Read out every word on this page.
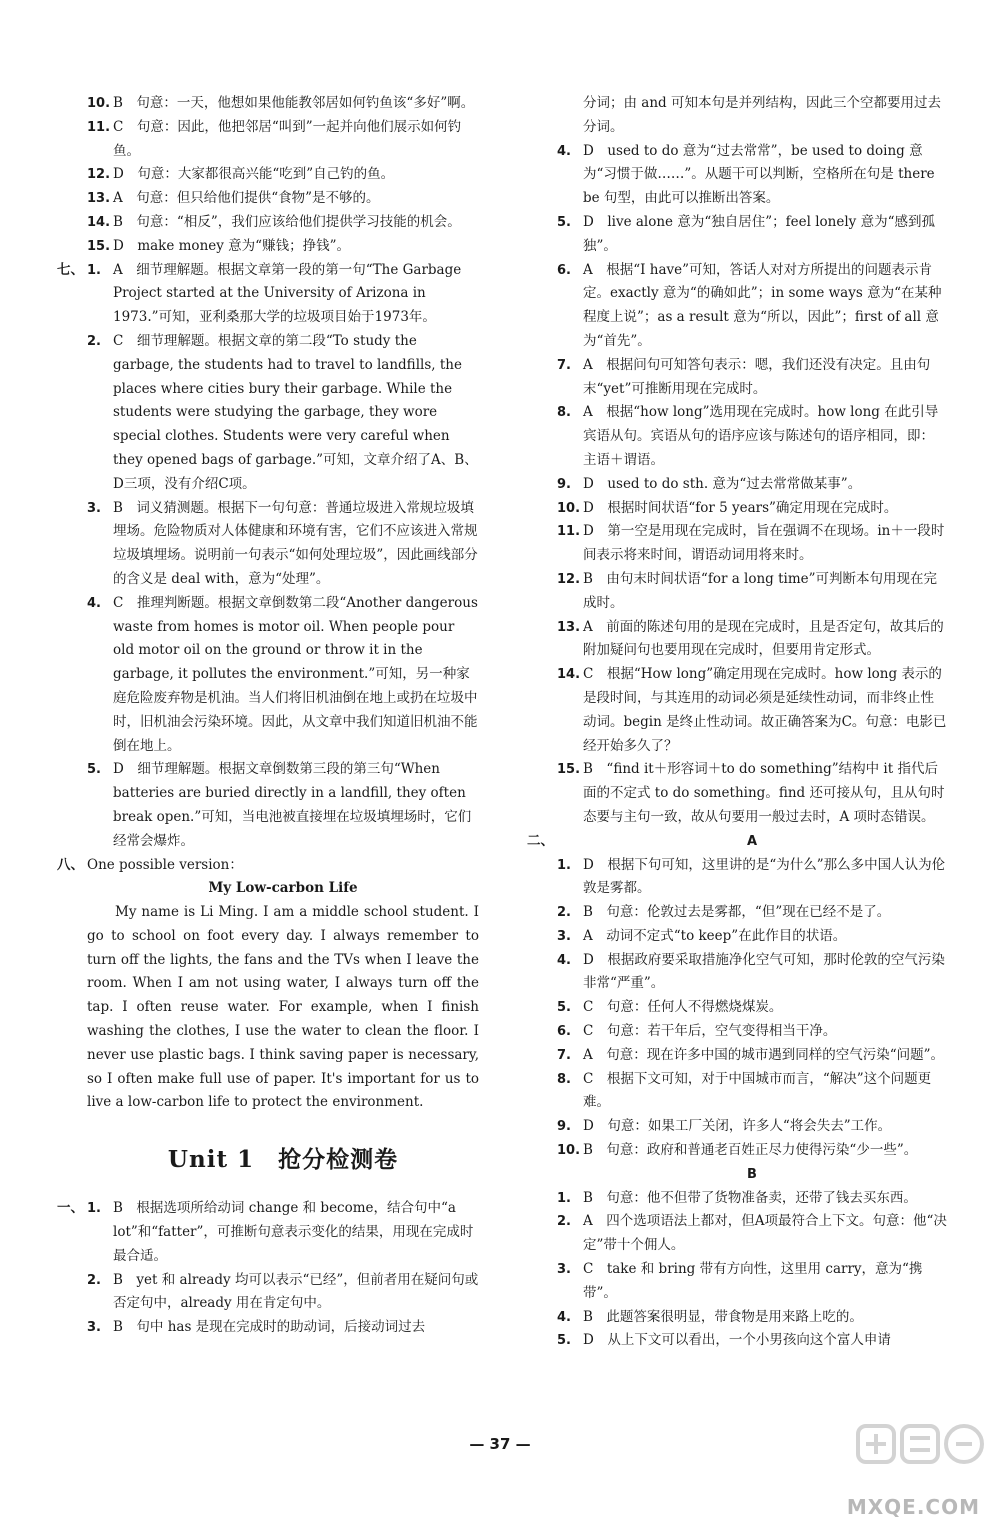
10. B　句意：一天，他想如果他能教邻居如何钓鱼该“多好”啊。

11. C　句意：因此，他把邻居“叫到”一起并向他们展示如何钓鱼。

12. D　句意：大家都很高兴能“吃到”自己钓的鱼。

13. A　句意：但只给他们提供“食物”是不够的。

14. B　句意：“相反”，我们应该给他们提供学习技能的机会。

15. D　make money 意为“赚钱；挣钱”。

七、 1. A　细节理解题。根据文章第一段的第一句“The Garbage Project started at the University of Arizona in 1973.”可知，亚利桑那大学的垃圾项目始于1973年。

2. C　细节理解题。根据文章的第二段“To study the garbage, the students had to travel to landfills, the places where cities bury their garbage. While the students were studying the garbage, they wore special clothes. Students were very careful when they opened bags of garbage.”可知，文章介绍了A、B、D三项，没有介绍C项。

3. B　词义猜测题。根据下一句句意：普通垃圾进入常规垃圾填埋场。危险物质对人体健康和环境有害，它们不应该进入常规垃圾填埋场。说明前一句表示“如何处理垃圾”，因此画线部分的含义是 deal with，意为“处理”。

4. C　推理判断题。根据文章倒数第二段“Another dangerous waste from homes is motor oil. When people pour old motor oil on the ground or throw it in the garbage, it pollutes the environment.”可知，另一种家庭危险废弃物是机油。当人们将旧机油倒在地上或扔在垃圾中时，旧机油会污染环境。因此，从文章中我们知道旧机油不能倒在地上。

5. D　细节理解题。根据文章倒数第三段的第三句“When batteries are buried directly in a landfill, they often break open.”可知，当电池被直接埋在垃圾填埋场时，它们经常会爆炸。

八、 One possible version：

My Low-carbon Life

My name is Li Ming. I am a middle school student. I go to school on foot every day. I always remember to turn off the lights, the fans and the TVs when I leave the room. When I am not using water, I always turn off the tap. I often reuse water. For example, when I finish washing the clothes, I use the water to clean the floor. I never use plastic bags. I think saving paper is necessary, so I often make full use of paper. It's important for us to live a low-carbon life to protect the environment.

Unit 1　抢分检测卷
一、 1. B　根据选项所给动词 change 和 become，结合句中“a lot”和“fatter”，可推断句意表示变化的结果，用现在完成时最合适。

2. B　yet 和 already 均可以表示“已经”，但前者用在疑问句或否定句中，already 用在肯定句中。

3. B　句中 has 是现在完成时的助动词，后接动词过去

分词；由 and 可知本句是并列结构，因此三个空都要用过去分词。

4. D　used to do 意为“过去常常”，be used to doing 意为“习惯于做……”。从题干可以判断，空格所在句是 there be 句型，由此可以推断出答案。

5. D　live alone 意为“独自居住”；feel lonely 意为“感到孤独”。

6. A　根据“I have”可知，答话人对对方所提出的问题表示肯定。exactly 意为“的确如此”；in some ways 意为“在某种程度上说”；as a result 意为“所以，因此”；first of all 意为“首先”。

7. A　根据问句可知答句表示：嗯，我们还没有决定。且由句末“yet”可推断用现在完成时。

8. A　根据“how long”选用现在完成时。how long 在此引导宾语从句。宾语从句的语序应该与陈述句的语序相同，即：主语＋谓语。

9. D　used to do sth. 意为“过去常常做某事”。

10. D　根据时间状语“for 5 years”确定用现在完成时。

11. D　第一空是用现在完成时，旨在强调不在现场。in＋一段时间表示将来时间，谓语动词用将来时。

12. B　由句末时间状语“for a long time”可判断本句用现在完成时。

13. A　前面的陈述句用的是现在完成时，且是否定句，故其后的附加疑问句也要用现在完成时，但要用肯定形式。

14. C　根据“How long”确定用现在完成时。how long 表示的是段时间，与其连用的动词必须是延续性动词，而非终止性动词。begin 是终止性动词。故正确答案为C。句意：电影已经开始多久了？

15. B　“find it＋形容词＋to do something”结构中 it 指代后面的不定式 to do something。find 还可接从句，且从句时态要与主句一致，故从句要用一般过去时，A 项时态错误。

二、	A

1. D　根据下句可知，这里讲的是“为什么”那么多中国人认为伦敦是雾都。

2. B　句意：伦敦过去是雾都，“但”现在已经不是了。

3. A　动词不定式“to keep”在此作目的状语。

4. D　根据政府要采取措施净化空气可知，那时伦敦的空气污染非常“严重”。

5. C　句意：任何人不得燃烧煤炭。

6. C　句意：若干年后，空气变得相当干净。

7. A　句意：现在许多中国的城市遇到同样的空气污染“问题”。

8. C　根据下文可知，对于中国城市而言，“解决”这个问题更难。

9. D　句意：如果工厂关闭，许多人“将会失去”工作。

10. B　句意：政府和普通老百姓正尽力使得污染“少一些”。

B

1. B　句意：他不但带了货物准备卖，还带了钱去买东西。

2. A　四个选项语法上都对，但A项最符合上下文。句意：他“决定”带十个佣人。

3. C　take 和 bring 带有方向性，这里用 carry，意为“携带”。

4. B　此题答案很明显，带食物是用来路上吃的。

5. D　从上下文可以看出，一个小男孩向这个富人申请

— 37 —
MXQE.COM
